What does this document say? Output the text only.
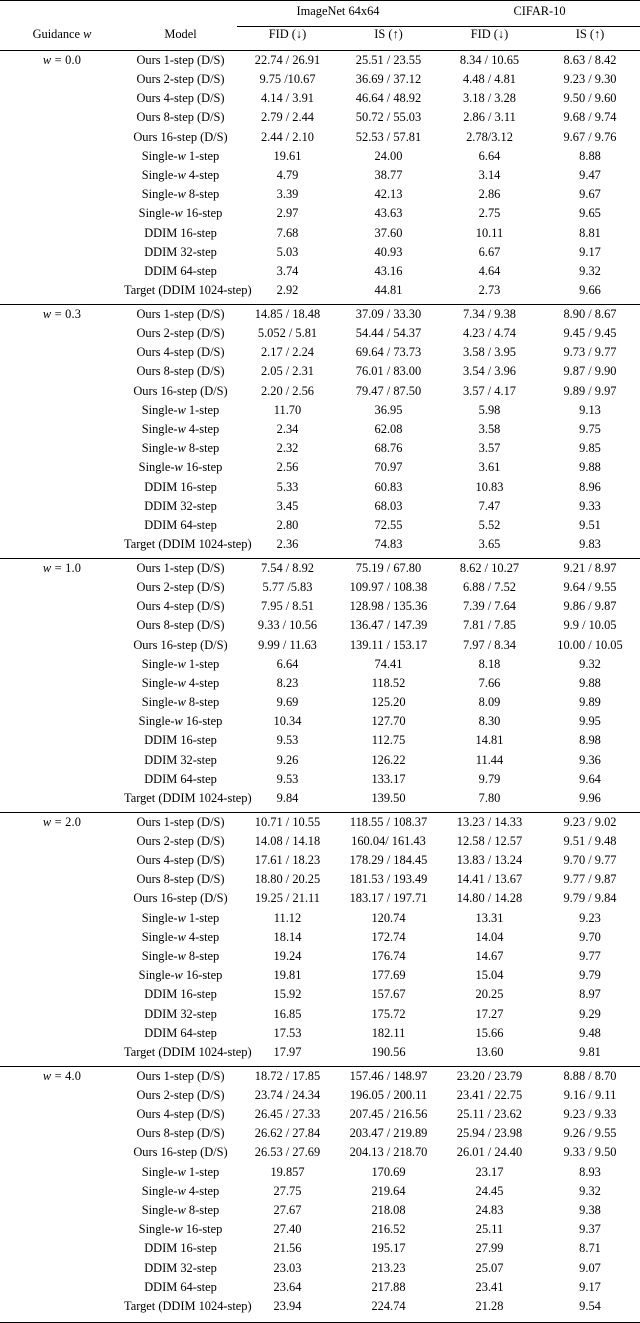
		ImageNet 64x64		CIFAR-10	
Guidance w	Model	FID (↓)	IS (↑)	FID (↓)	IS (↑)

w = 0.0	Ours 1-step (D/S)	22.74 / 26.91	25.51 / 23.55	8.34 / 10.65	8.63 / 8.42
	Ours 2-step (D/S)	9.75 /10.67	36.69 / 37.12	4.48 / 4.81	9.23 / 9.30
	Ours 4-step (D/S)	4.14 / 3.91	46.64 / 48.92	3.18 / 3.28	9.50 / 9.60
	Ours 8-step (D/S)	2.79 / 2.44	50.72 / 55.03	2.86 / 3.11	9.68 / 9.74
	Ours 16-step (D/S)	2.44 / 2.10	52.53 / 57.81	2.78/3.12	9.67 / 9.76
	Single-w 1-step	19.61	24.00	6.64	8.88
	Single-w 4-step	4.79	38.77	3.14	9.47
	Single-w 8-step	3.39	42.13	2.86	9.67
	Single-w 16-step	2.97	43.63	2.75	9.65
	DDIM 16-step	7.68	37.60	10.11	8.81
	DDIM 32-step	5.03	40.93	6.67	9.17
	DDIM 64-step	3.74	43.16	4.64	9.32
	Target (DDIM 1024-step)	2.92	44.81	2.73	9.66

w = 0.3	Ours 1-step (D/S)	14.85 / 18.48	37.09 / 33.30	7.34 / 9.38	8.90 / 8.67
	Ours 2-step (D/S)	5.052 / 5.81	54.44 / 54.37	4.23 / 4.74	9.45 / 9.45
	Ours 4-step (D/S)	2.17 / 2.24	69.64 / 73.73	3.58 / 3.95	9.73 / 9.77
	Ours 8-step (D/S)	2.05 / 2.31	76.01 / 83.00	3.54 / 3.96	9.87 / 9.90
	Ours 16-step (D/S)	2.20 / 2.56	79.47 / 87.50	3.57 / 4.17	9.89 / 9.97
	Single-w 1-step	11.70	36.95	5.98	9.13
	Single-w 4-step	2.34	62.08	3.58	9.75
	Single-w 8-step	2.32	68.76	3.57	9.85
	Single-w 16-step	2.56	70.97	3.61	9.88
	DDIM 16-step	5.33	60.83	10.83	8.96
	DDIM 32-step	3.45	68.03	7.47	9.33
	DDIM 64-step	2.80	72.55	5.52	9.51
	Target (DDIM 1024-step)	2.36	74.83	3.65	9.83

w = 1.0	Ours 1-step (D/S)	7.54 / 8.92	75.19 / 67.80	8.62 / 10.27	9.21 / 8.97
	Ours 2-step (D/S)	5.77 /5.83	109.97 / 108.38	6.88 / 7.52	9.64 / 9.55
	Ours 4-step (D/S)	7.95 / 8.51	128.98 / 135.36	7.39 / 7.64	9.86 / 9.87
	Ours 8-step (D/S)	9.33 / 10.56	136.47 / 147.39	7.81 / 7.85	9.9 / 10.05
	Ours 16-step (D/S)	9.99 / 11.63	139.11 / 153.17	7.97 / 8.34	10.00 / 10.05
	Single-w 1-step	6.64	74.41	8.18	9.32
	Single-w 4-step	8.23	118.52	7.66	9.88
	Single-w 8-step	9.69	125.20	8.09	9.89
	Single-w 16-step	10.34	127.70	8.30	9.95
	DDIM 16-step	9.53	112.75	14.81	8.98
	DDIM 32-step	9.26	126.22	11.44	9.36
	DDIM 64-step	9.53	133.17	9.79	9.64
	Target (DDIM 1024-step)	9.84	139.50	7.80	9.96

w = 2.0	Ours 1-step (D/S)	10.71 / 10.55	118.55 / 108.37	13.23 / 14.33	9.23 / 9.02
	Ours 2-step (D/S)	14.08 / 14.18	160.04/ 161.43	12.58 / 12.57	9.51 / 9.48
	Ours 4-step (D/S)	17.61 / 18.23	178.29 / 184.45	13.83 / 13.24	9.70 / 9.77
	Ours 8-step (D/S)	18.80 / 20.25	181.53 / 193.49	14.41 / 13.67	9.77 / 9.87
	Ours 16-step (D/S)	19.25 / 21.11	183.17 / 197.71	14.80 / 14.28	9.79 / 9.84
	Single-w 1-step	11.12	120.74	13.31	9.23
	Single-w 4-step	18.14	172.74	14.04	9.70
	Single-w 8-step	19.24	176.74	14.67	9.77
	Single-w 16-step	19.81	177.69	15.04	9.79
	DDIM 16-step	15.92	157.67	20.25	8.97
	DDIM 32-step	16.85	175.72	17.27	9.29
	DDIM 64-step	17.53	182.11	15.66	9.48
	Target (DDIM 1024-step)	17.97	190.56	13.60	9.81

w = 4.0	Ours 1-step (D/S)	18.72 / 17.85	157.46 / 148.97	23.20 / 23.79	8.88 / 8.70
	Ours 2-step (D/S)	23.74 / 24.34	196.05 / 200.11	23.41 / 22.75	9.16 / 9.11
	Ours 4-step (D/S)	26.45 / 27.33	207.45 / 216.56	25.11 / 23.62	9.23 / 9.33
	Ours 8-step (D/S)	26.62 / 27.84	203.47 / 219.89	25.94 / 23.98	9.26 / 9.55
	Ours 16-step (D/S)	26.53 / 27.69	204.13 / 218.70	26.01 / 24.40	9.33 / 9.50
	Single-w 1-step	19.857	170.69	23.17	8.93
	Single-w 4-step	27.75	219.64	24.45	9.32
	Single-w 8-step	27.67	218.08	24.83	9.38
	Single-w 16-step	27.40	216.52	25.11	9.37
	DDIM 16-step	21.56	195.17	27.99	8.71
	DDIM 32-step	23.03	213.23	25.07	9.07
	DDIM 64-step	23.64	217.88	23.41	9.17
	Target (DDIM 1024-step)	23.94	224.74	21.28	9.54
